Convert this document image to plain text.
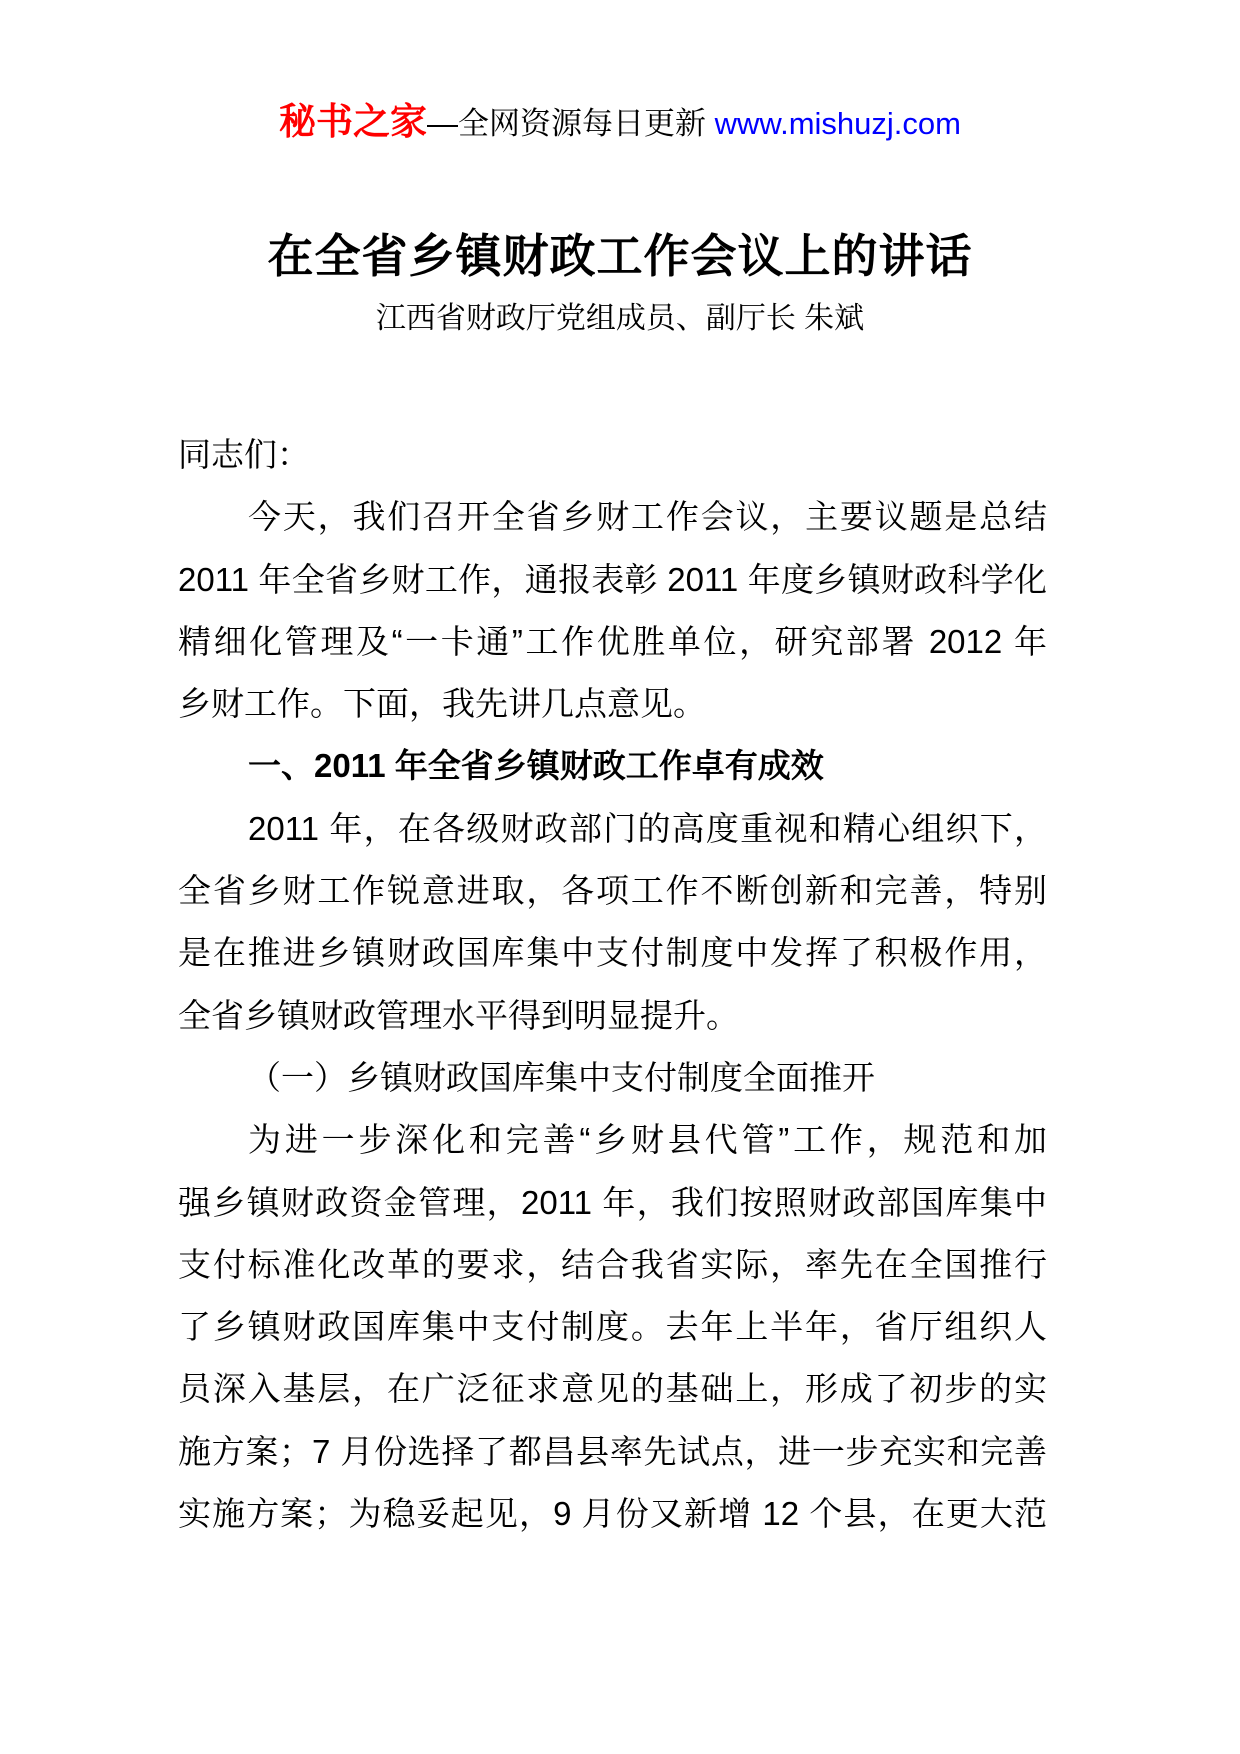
秘书之家—全网资源每日更新 www.mishuzj.com
在全省乡镇财政工作会议上的讲话
江西省财政厅党组成员、副厅长 朱斌
同志们：
今天，我们召开全省乡财工作会议，主要议题是总结
2011 年全省乡财工作，通报表彰 2011 年度乡镇财政科学化
精细化管理及“一卡通”工作优胜单位，研究部署 2012 年
乡财工作。下面，我先讲几点意见。
一、2011 年全省乡镇财政工作卓有成效
2011 年，在各级财政部门的高度重视和精心组织下，
全省乡财工作锐意进取，各项工作不断创新和完善，特别
是在推进乡镇财政国库集中支付制度中发挥了积极作用，
全省乡镇财政管理水平得到明显提升。
（一）乡镇财政国库集中支付制度全面推开
为进一步深化和完善“乡财县代管”工作，规范和加
强乡镇财政资金管理，2011 年，我们按照财政部国库集中
支付标准化改革的要求，结合我省实际，率先在全国推行
了乡镇财政国库集中支付制度。去年上半年，省厅组织人
员深入基层，在广泛征求意见的基础上，形成了初步的实
施方案；7 月份选择了都昌县率先试点，进一步充实和完善
实施方案；为稳妥起见，9 月份又新增 12 个县，在更大范
